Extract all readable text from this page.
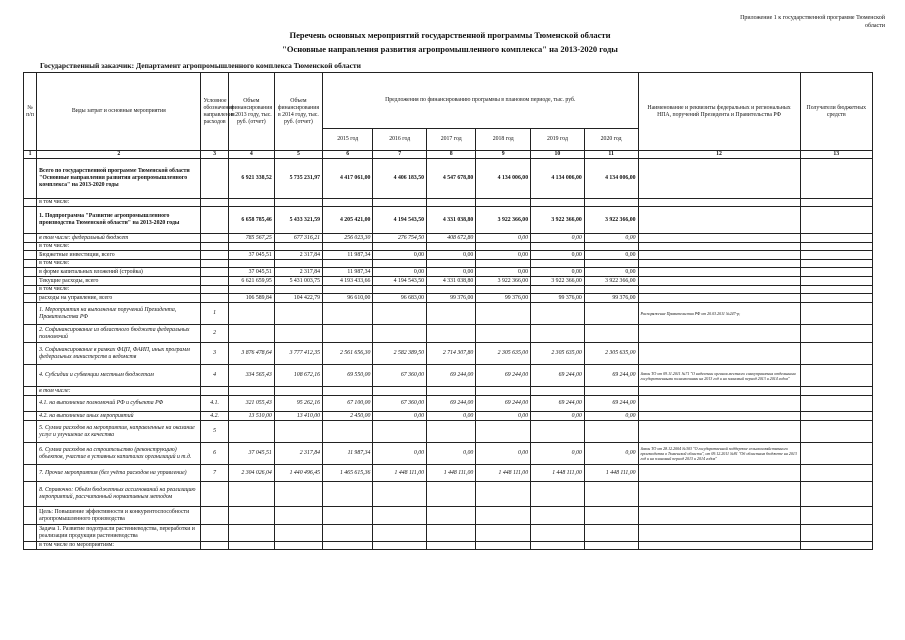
Приложение 1 к государственной программе Тюменской области
Перечень основных мероприятий государственной программы Тюменской области
"Основные направления развития агропромышленного комплекса" на 2013-2020 годы
№ п/п	Виды затрат и основные мероприятия	Условное обозначение направления расходов	Объем финансирования в 2013 году, тыс. руб. (отчет)	Объем финансирования в 2014 году, тыс. руб. (отчет)	Предложения по финансированию программы в плановом периоде, тыс. руб.						Наименование и реквизиты федеральных и региональных НПА, поручений Президента и Правительства РФ	Получатели бюджетных средств
					2015 год	2016 год	2017 год	2018 год	2019 год	2020 год		
1	2	3	4	5	6	7	8	9	10	11	12	13
	Всего по государственной программе Тюменской области "Основные направления развития агропромышленного комплекса" на 2013-2020 годы		6 921 338,52	5 735 231,97	4 417 061,00	4 406 183,50	4 547 678,80	4 134 006,00	4 134 006,00	4 134 006,00		
	в том числе:											
	1. Подпрограмма "Развитие агропромышленного производства Тюменской области" на 2013-2020 годы		6 658 785,46	5 433 321,59	4 205 421,00	4 194 543,50	4 331 038,80	3 922 366,00	3 922 366,00	3 922 366,00		
	в том числе: федеральный бюджет		785 567,25	677 316,21	256 023,30	276 754,50	408 672,80	0,00	0,00	0,00		
	в том числе:											
	Бюджетные инвестиции, всего		37 045,51	2 317,84	11 987,34	0,00	0,00	0,00	0,00	0,00		
	в том числе:											
	в форме капитальных вложений (стройка)		37 045,51	2 317,84	11 987,34	0,00	0,00	0,00	0,00	0,00		
	Текущие расходы, всего		6 621 659,95	5 431 003,75	4 193 433,66	4 194 543,50	4 331 038,80	3 922 366,00	3 922 366,00	3 922 366,00		
	в том числе:											
	расходы на управление, всего		106 589,84	104 422,79	96 610,00	96 683,00	99 376,00	99 376,00	99 376,00	99 376,00		
	1. Мероприятия на выполнение поручений Президента, Правительства РФ	1									Распоряжение Правительства РФ от 20.03.2011 №247-р;	
	2. Софинансирование из областного бюджета федеральных полномочий	2										
	3. Софинансирование в рамках ФЦП, ФАИП, иных программ федеральных министерств и ведомств	3	3 876 478,64	3 777 412,35	2 561 656,30	2 582 389,50	2 714 307,80	2 305 635,00	2 305 635,00	2 305 635,00		
	4. Субсидии и субвенции местным бюджетам	4	334 565,43	108 672,16	69 550,00	67 360,00	69 244,00	69 244,00	69 244,00	69 244,00	Закон ТО от 09.11.2011 №71 "О наделении органов местного самоуправления отдельными государственными полномочиями на 2013 год и на плановый период 2013 и 2014 годов"	
	в том числе:											
	4.1. на выполнение полномочий РФ и субъекта РФ	4.1.	321 055,43	95 262,16	67 100,00	67 360,00	69 244,00	69 244,00	69 244,00	69 244,00		
	4.2. на выполнение иных мероприятий	4.2.	13 510,00	13 410,00	2 450,00	0,00	0,00	0,00	0,00	0,00		
	5. Сумма расходов на мероприятия, направленные на оказание услуг и улучшение их качества	5										
	6. Сумма расходов на строительство (реконструкцию) объектов, участие в уставных капиталах организаций и т.д.	6	37 045,51	2 317,84	11 987,34	0,00	0,00	0,00	0,00	0,00	Закон ТО от 28.12.2004 №303 "О государственной поддержке сельскохозяйственного производства в Тюменской области", от 09.12.2011 №81 "Об областном бюджете на 2013 год и на плановый период 2013 и 2014 годов"	
	7. Прочие мероприятия (без учёта расходов на управление)	7	2 304 026,04	1 440 496,45	1 465 615,36	1 448 111,00	1 448 111,00	1 448 111,00	1 448 111,00	1 448 111,00		
	8. Справочно: Объём бюджетных ассигнований на реализацию мероприятий, рассчитанный нормативным методом											
	Цель: Повышение эффективности и конкурентоспособности агропромышленного производства											
	Задача 1. Развитие подотрасли растениеводства, переработки и реализации продукции растениеводства											
	в том числе по мероприятиям:											
Государственный заказчик: Департамент агропромышленного комплекса Тюменской области
